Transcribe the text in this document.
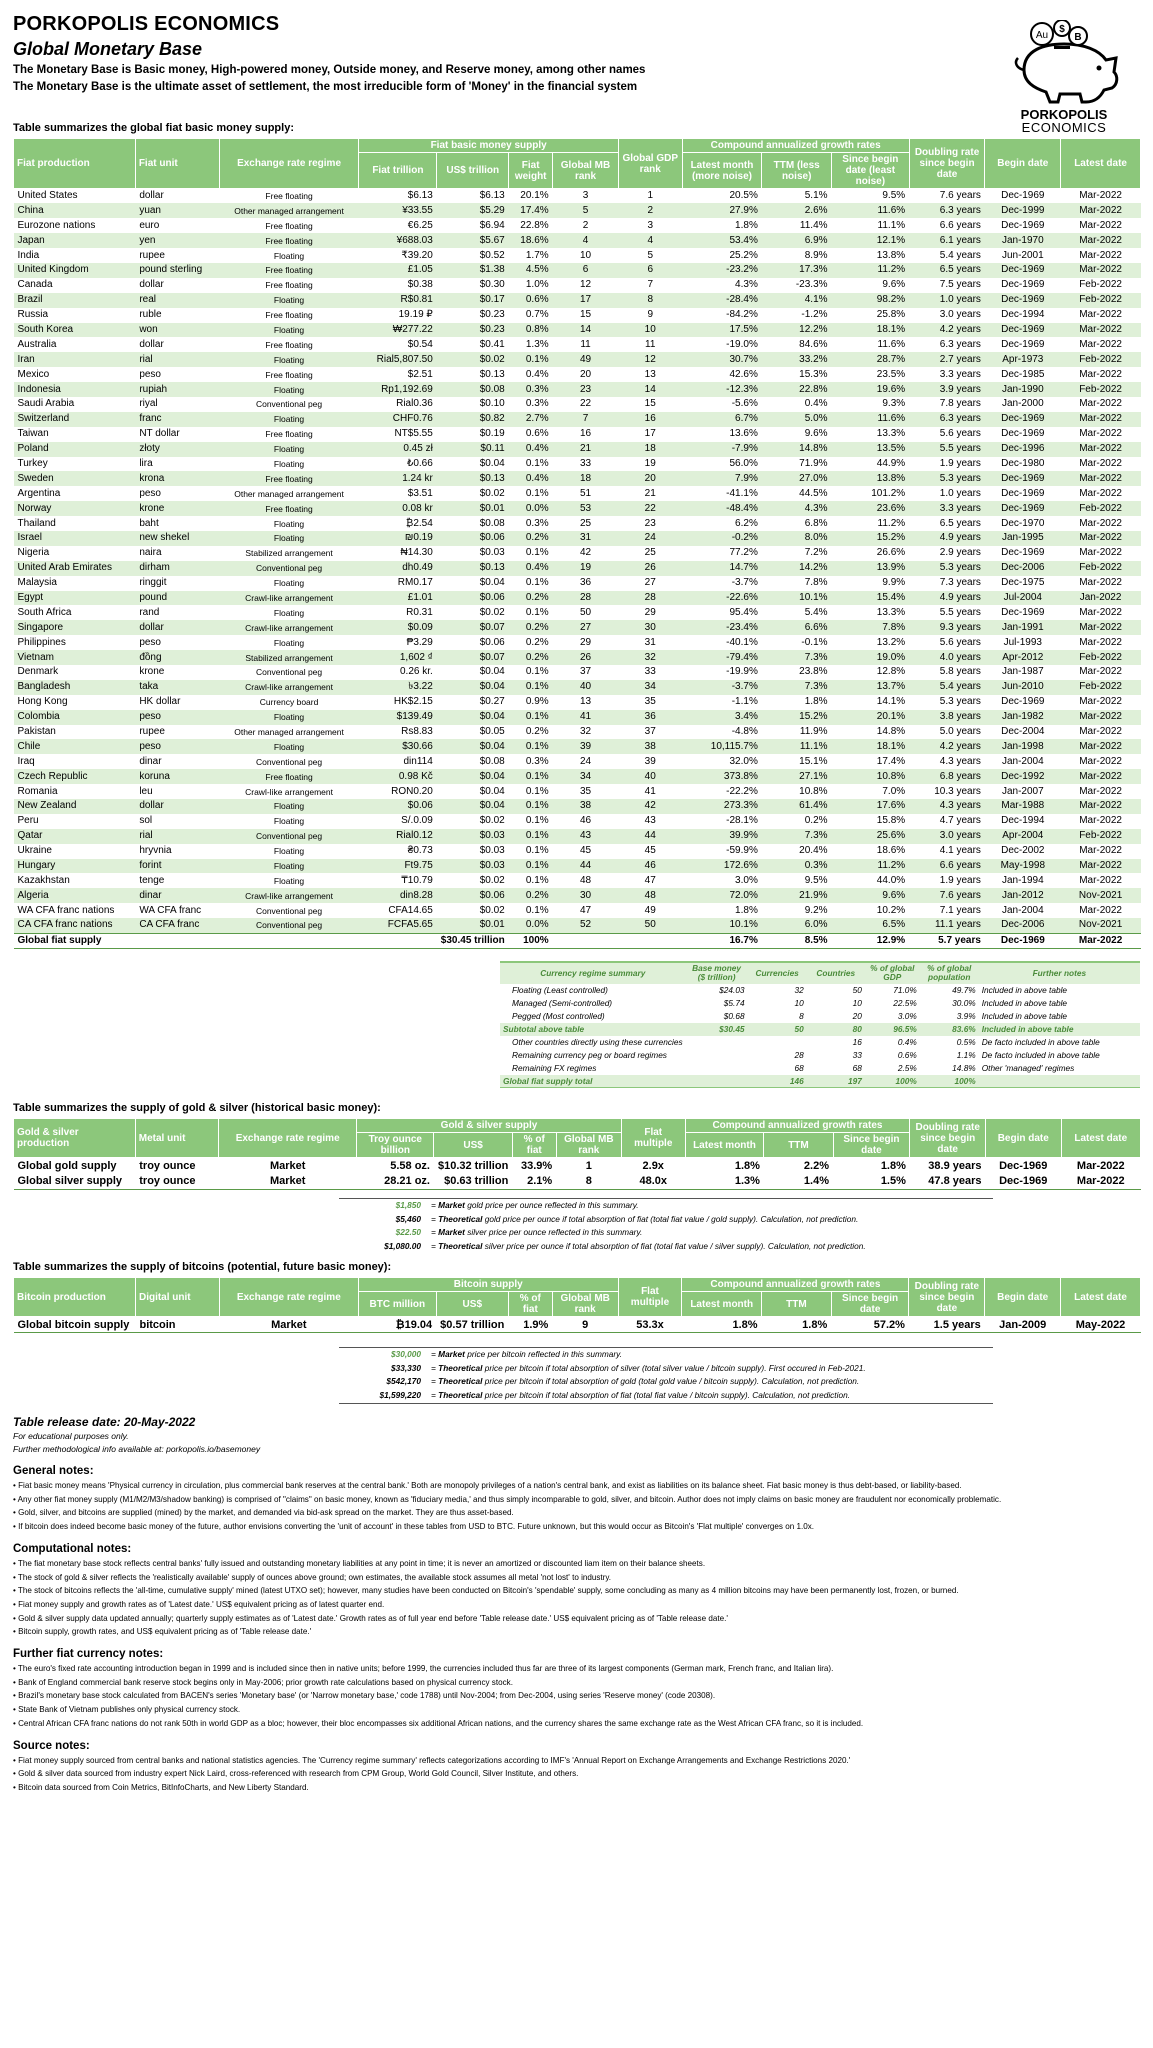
PORKOPOLIS ECONOMICS
Global Monetary Base
The Monetary Base is Basic money, High-powered money, Outside money, and Reserve money, among other names
The Monetary Base is the ultimate asset of settlement, the most irreducible form of 'Money' in the financial system
Au
$
B
PORKOPOLIS
ECONOMICS
Table summarizes the global fiat basic money supply:
Fiat production	Fiat unit	Exchange rate regime	Fiat basic money supply				Global GDP rank	Compound annualized growth rates			Doubling rate since begin date	Begin date	Latest date
			Fiat trillion	US$ trillion	Fiat weight	Global MB rank		Latest month (more noise)	TTM (less noise)	Since begin date (least noise)			
United States	dollar	Free floating	$6.13	$6.13	20.1%	3	1	20.5%	5.1%	9.5%	7.6 years	Dec-1969	Mar-2022
China	yuan	Other managed arrangement	¥33.55	$5.29	17.4%	5	2	27.9%	2.6%	11.6%	6.3 years	Dec-1999	Mar-2022
Eurozone nations	euro	Free floating	€6.25	$6.94	22.8%	2	3	1.8%	11.4%	11.1%	6.6 years	Dec-1969	Mar-2022
Japan	yen	Free floating	¥688.03	$5.67	18.6%	4	4	53.4%	6.9%	12.1%	6.1 years	Jan-1970	Mar-2022
India	rupee	Floating	₹39.20	$0.52	1.7%	10	5	25.2%	8.9%	13.8%	5.4 years	Jun-2001	Mar-2022
United Kingdom	pound sterling	Free floating	£1.05	$1.38	4.5%	6	6	-23.2%	17.3%	11.2%	6.5 years	Dec-1969	Mar-2022
Canada	dollar	Free floating	$0.38	$0.30	1.0%	12	7	4.3%	-23.3%	9.6%	7.5 years	Dec-1969	Feb-2022
Brazil	real	Floating	R$0.81	$0.17	0.6%	17	8	-28.4%	4.1%	98.2%	1.0 years	Dec-1969	Feb-2022
Russia	ruble	Free floating	19.19 ₽	$0.23	0.7%	15	9	-84.2%	-1.2%	25.8%	3.0 years	Dec-1994	Mar-2022
South Korea	won	Floating	₩277.22	$0.23	0.8%	14	10	17.5%	12.2%	18.1%	4.2 years	Dec-1969	Mar-2022
Australia	dollar	Free floating	$0.54	$0.41	1.3%	11	11	-19.0%	84.6%	11.6%	6.3 years	Dec-1969	Mar-2022
Iran	rial	Floating	Rial5,807.50	$0.02	0.1%	49	12	30.7%	33.2%	28.7%	2.7 years	Apr-1973	Feb-2022
Mexico	peso	Free floating	$2.51	$0.13	0.4%	20	13	42.6%	15.3%	23.5%	3.3 years	Dec-1985	Mar-2022
Indonesia	rupiah	Floating	Rp1,192.69	$0.08	0.3%	23	14	-12.3%	22.8%	19.6%	3.9 years	Jan-1990	Feb-2022
Saudi Arabia	riyal	Conventional peg	Rial0.36	$0.10	0.3%	22	15	-5.6%	0.4%	9.3%	7.8 years	Jan-2000	Mar-2022
Switzerland	franc	Floating	CHF0.76	$0.82	2.7%	7	16	6.7%	5.0%	11.6%	6.3 years	Dec-1969	Mar-2022
Taiwan	NT dollar	Free floating	NT$5.55	$0.19	0.6%	16	17	13.6%	9.6%	13.3%	5.6 years	Dec-1969	Mar-2022
Poland	złoty	Floating	0.45 zł	$0.11	0.4%	21	18	-7.9%	14.8%	13.5%	5.5 years	Dec-1996	Mar-2022
Turkey	lira	Floating	₺0.66	$0.04	0.1%	33	19	56.0%	71.9%	44.9%	1.9 years	Dec-1980	Mar-2022
Sweden	krona	Free floating	1.24 kr	$0.13	0.4%	18	20	7.9%	27.0%	13.8%	5.3 years	Dec-1969	Mar-2022
Argentina	peso	Other managed arrangement	$3.51	$0.02	0.1%	51	21	-41.1%	44.5%	101.2%	1.0 years	Dec-1969	Mar-2022
Norway	krone	Free floating	0.08 kr	$0.01	0.0%	53	22	-48.4%	4.3%	23.6%	3.3 years	Dec-1969	Feb-2022
Thailand	baht	Floating	₿2.54	$0.08	0.3%	25	23	6.2%	6.8%	11.2%	6.5 years	Dec-1970	Mar-2022
Israel	new shekel	Floating	₪0.19	$0.06	0.2%	31	24	-0.2%	8.0%	15.2%	4.9 years	Jan-1995	Mar-2022
Nigeria	naira	Stabilized arrangement	₦14.30	$0.03	0.1%	42	25	77.2%	7.2%	26.6%	2.9 years	Dec-1969	Mar-2022
United Arab Emirates	dirham	Conventional peg	dh0.49	$0.13	0.4%	19	26	14.7%	14.2%	13.9%	5.3 years	Dec-2006	Feb-2022
Malaysia	ringgit	Floating	RM0.17	$0.04	0.1%	36	27	-3.7%	7.8%	9.9%	7.3 years	Dec-1975	Mar-2022
Egypt	pound	Crawl-like arrangement	£1.01	$0.06	0.2%	28	28	-22.6%	10.1%	15.4%	4.9 years	Jul-2004	Jan-2022
South Africa	rand	Floating	R0.31	$0.02	0.1%	50	29	95.4%	5.4%	13.3%	5.5 years	Dec-1969	Mar-2022
Singapore	dollar	Crawl-like arrangement	$0.09	$0.07	0.2%	27	30	-23.4%	6.6%	7.8%	9.3 years	Jan-1991	Mar-2022
Philippines	peso	Floating	₱3.29	$0.06	0.2%	29	31	-40.1%	-0.1%	13.2%	5.6 years	Jul-1993	Mar-2022
Vietnam	đồng	Stabilized arrangement	1,602 ₫	$0.07	0.2%	26	32	-79.4%	7.3%	19.0%	4.0 years	Apr-2012	Feb-2022
Denmark	krone	Conventional peg	0.26 kr.	$0.04	0.1%	37	33	-19.9%	23.8%	12.8%	5.8 years	Jan-1987	Mar-2022
Bangladesh	taka	Crawl-like arrangement	৳3.22	$0.04	0.1%	40	34	-3.7%	7.3%	13.7%	5.4 years	Jun-2010	Feb-2022
Hong Kong	HK dollar	Currency board	HK$2.15	$0.27	0.9%	13	35	-1.1%	1.8%	14.1%	5.3 years	Dec-1969	Mar-2022
Colombia	peso	Floating	$139.49	$0.04	0.1%	41	36	3.4%	15.2%	20.1%	3.8 years	Jan-1982	Mar-2022
Pakistan	rupee	Other managed arrangement	Rs8.83	$0.05	0.2%	32	37	-4.8%	11.9%	14.8%	5.0 years	Dec-2004	Mar-2022
Chile	peso	Floating	$30.66	$0.04	0.1%	39	38	10,115.7%	11.1%	18.1%	4.2 years	Jan-1998	Mar-2022
Iraq	dinar	Conventional peg	din114	$0.08	0.3%	24	39	32.0%	15.1%	17.4%	4.3 years	Jan-2004	Mar-2022
Czech Republic	koruna	Free floating	0.98 Kč	$0.04	0.1%	34	40	373.8%	27.1%	10.8%	6.8 years	Dec-1992	Mar-2022
Romania	leu	Crawl-like arrangement	RON0.20	$0.04	0.1%	35	41	-22.2%	10.8%	7.0%	10.3 years	Jan-2007	Mar-2022
New Zealand	dollar	Floating	$0.06	$0.04	0.1%	38	42	273.3%	61.4%	17.6%	4.3 years	Mar-1988	Mar-2022
Peru	sol	Floating	S/.0.09	$0.02	0.1%	46	43	-28.1%	0.2%	15.8%	4.7 years	Dec-1994	Mar-2022
Qatar	rial	Conventional peg	Rial0.12	$0.03	0.1%	43	44	39.9%	7.3%	25.6%	3.0 years	Apr-2004	Feb-2022
Ukraine	hryvnia	Floating	₴0.73	$0.03	0.1%	45	45	-59.9%	20.4%	18.6%	4.1 years	Dec-2002	Mar-2022
Hungary	forint	Floating	Ft9.75	$0.03	0.1%	44	46	172.6%	0.3%	11.2%	6.6 years	May-1998	Mar-2022
Kazakhstan	tenge	Floating	₸10.79	$0.02	0.1%	48	47	3.0%	9.5%	44.0%	1.9 years	Jan-1994	Mar-2022
Algeria	dinar	Crawl-like arrangement	din8.28	$0.06	0.2%	30	48	72.0%	21.9%	9.6%	7.6 years	Jan-2012	Nov-2021
WA CFA franc nations	WA CFA franc	Conventional peg	CFA14.65	$0.02	0.1%	47	49	1.8%	9.2%	10.2%	7.1 years	Jan-2004	Mar-2022
CA CFA franc nations	CA CFA franc	Conventional peg	FCFA5.65	$0.01	0.0%	52	50	10.1%	6.0%	6.5%	11.1 years	Dec-2006	Nov-2021
Global fiat supply				$30.45 trillion	100%			16.7%	8.5%	12.9%	5.7 years	Dec-1969	Mar-2022
Currency regime summary	Base money ($ trillion)	Currencies	Countries	% of global GDP	% of global population	Further notes
Floating (Least controlled)	$24.03	32	50	71.0%	49.7%	Included in above table
Managed (Semi-controlled)	$5.74	10	10	22.5%	30.0%	Included in above table
Pegged (Most controlled)	$0.68	8	20	3.0%	3.9%	Included in above table
Subtotal above table	$30.45	50	80	96.5%	83.6%	Included in above table
Other countries directly using these currencies			16	0.4%	0.5%	De facto included in above table
Remaining currency peg or board regimes		28	33	0.6%	1.1%	De facto included in above table
Remaining FX regimes		68	68	2.5%	14.8%	Other 'managed' regimes
Global fiat supply total		146	197	100%	100%	
Table summarizes the supply of gold & silver (historical basic money):
Gold & silver production	Metal unit	Exchange rate regime	Gold & silver supply				Flat multiple	Compound annualized growth rates			Doubling rate since begin date	Begin date	Latest date
			Troy ounce billion	US$	% of fiat	Global MB rank		Latest month	TTM	Since begin date			
Global gold supply	troy ounce	Market	5.58 oz.	$10.32 trillion	33.9%	1	2.9x	1.8%	2.2%	1.8%	38.9 years	Dec-1969	Mar-2022
Global silver supply	troy ounce	Market	28.21 oz.	$0.63 trillion	2.1%	8	48.0x	1.3%	1.4%	1.5%	47.8 years	Dec-1969	Mar-2022
$1,850 = Market gold price per ounce reflected in this summary.
$5,460 = Theoretical gold price per ounce if total absorption of fiat (total fiat value / gold supply). Calculation, not prediction.
$22.50 = Market silver price per ounce reflected in this summary.
$1,080.00 = Theoretical silver price per ounce if total absorption of fiat (total fiat value / silver supply). Calculation, not prediction.
Table summarizes the supply of bitcoins (potential, future basic money):
Bitcoin production	Digital unit	Exchange rate regime	Bitcoin supply				Flat multiple	Compound annualized growth rates			Doubling rate since begin date	Begin date	Latest date
			BTC million	US$	% of fiat	Global MB rank		Latest month	TTM	Since begin date			
Global bitcoin supply	bitcoin	Market	₿19.04	$0.57 trillion	1.9%	9	53.3x	1.8%	1.8%	57.2%	1.5 years	Jan-2009	May-2022
$30,000 = Market price per bitcoin reflected in this summary.
$33,330 = Theoretical price per bitcoin if total absorption of silver (total silver value / bitcoin supply). First occured in Feb-2021.
$542,170 = Theoretical price per bitcoin if total absorption of gold (total gold value / bitcoin supply). Calculation, not prediction.
$1,599,220 = Theoretical price per bitcoin if total absorption of fiat (total fiat value / bitcoin supply). Calculation, not prediction.
Table release date: 20-May-2022
For educational purposes only.
Further methodological info available at: porkopolis.io/basemoney
General notes:
• Fiat basic money means 'Physical currency in circulation, plus commercial bank reserves at the central bank.' Both are monopoly privileges of a nation's central bank, and exist as liabilities on its balance sheet. Fiat basic money is thus debt-based, or liability-based.
• Any other fiat money supply (M1/M2/M3/shadow banking) is comprised of "claims" on basic money, known as 'fiduciary media,' and thus simply incomparable to gold, silver, and bitcoin. Author does not imply claims on basic money are fraudulent nor economically problematic.
• Gold, silver, and bitcoins are supplied (mined) by the market, and demanded via bid-ask spread on the market. They are thus asset-based.
• If bitcoin does indeed become basic money of the future, author envisions converting the 'unit of account' in these tables from USD to BTC. Future unknown, but this would occur as Bitcoin's 'Flat multiple' converges on 1.0x.
Computational notes:
• The fiat monetary base stock reflects central banks' fully issued and outstanding monetary liabilities at any point in time; it is never an amortized or discounted liam item on their balance sheets.
• The stock of gold & silver reflects the 'realistically available' supply of ounces above ground; own estimates, the available stock assumes all metal 'not lost' to industry.
• The stock of bitcoins reflects the 'all-time, cumulative supply' mined (latest UTXO set); however, many studies have been conducted on Bitcoin's 'spendable' supply, some concluding as many as 4 million bitcoins may have been permanently lost, frozen, or burned.
• Fiat money supply and growth rates as of 'Latest date.' US$ equivalent pricing as of latest quarter end.
• Gold & silver supply data updated annually; quarterly supply estimates as of 'Latest date.' Growth rates as of full year end before 'Table release date.' US$ equivalent pricing as of 'Table release date.'
• Bitcoin supply, growth rates, and US$ equivalent pricing as of 'Table release date.'
Further fiat currency notes:
• The euro's fixed rate accounting introduction began in 1999 and is included since then in native units; before 1999, the currencies included thus far are three of its largest components (German mark, French franc, and Italian lira).
• Bank of England commercial bank reserve stock begins only in May-2006; prior growth rate calculations based on physical currency stock.
• Brazil's monetary base stock calculated from BACEN's series 'Monetary base' (or 'Narrow monetary base,' code 1788) until Nov-2004; from Dec-2004, using series 'Reserve money' (code 20308).
• State Bank of Vietnam publishes only physical currency stock.
• Central African CFA franc nations do not rank 50th in world GDP as a bloc; however, their bloc encompasses six additional African nations, and the currency shares the same exchange rate as the West African CFA franc, so it is included.
Source notes:
• Fiat money supply sourced from central banks and national statistics agencies. The 'Currency regime summary' reflects categorizations according to IMF's 'Annual Report on Exchange Arrangements and Exchange Restrictions 2020.'
• Gold & silver data sourced from industry expert Nick Laird, cross-referenced with research from CPM Group, World Gold Council, Silver Institute, and others.
• Bitcoin data sourced from Coin Metrics, BitInfoCharts, and New Liberty Standard.
